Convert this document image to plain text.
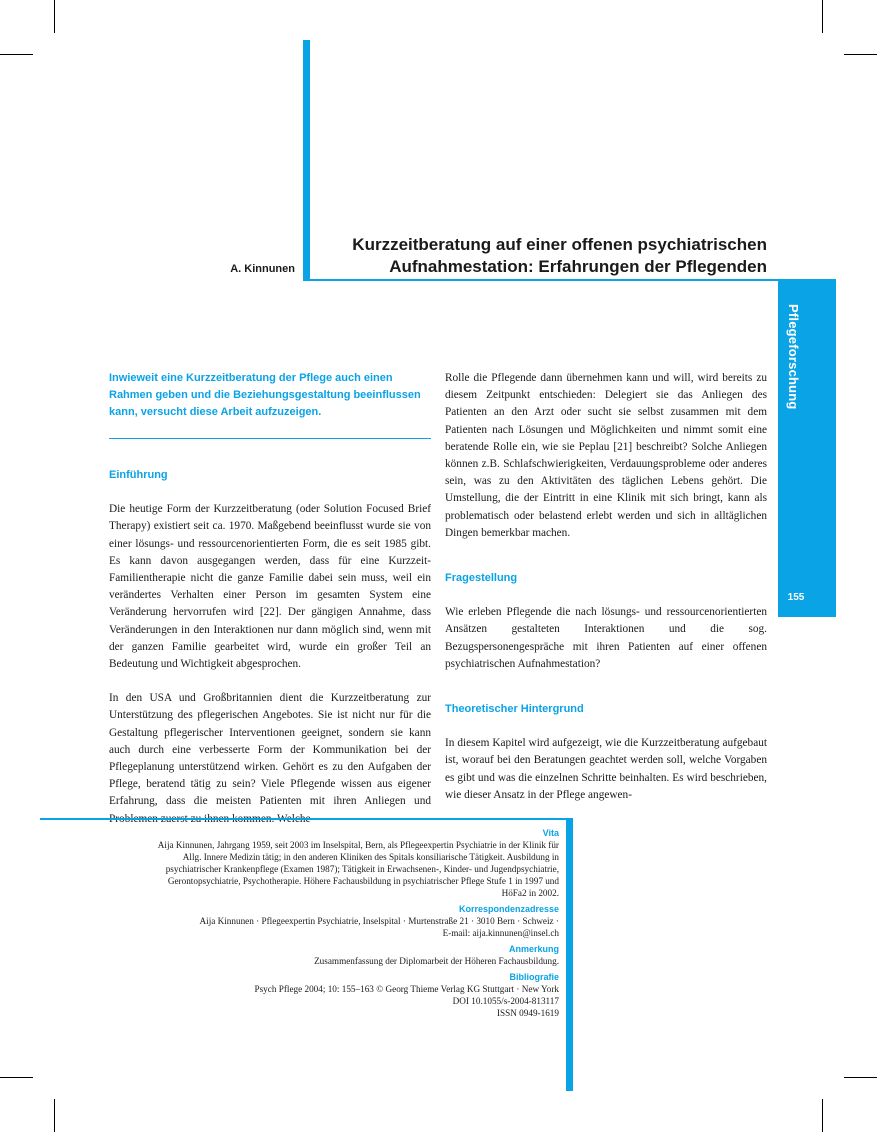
A. Kinnunen
Kurzzeitberatung auf einer offenen psychiatrischen
Aufnahmestation: Erfahrungen der Pflegenden
Pflegeforschung
155

Inwieweit eine Kurzzeitberatung der Pflege auch einen Rahmen geben und die Beziehungsgestaltung beeinflussen kann, versucht diese Arbeit aufzuzeigen.

Einführung

Die heutige Form der Kurzzeitberatung (oder Solution Focused Brief Therapy) existiert seit ca. 1970. Maßgebend beeinflusst wurde sie von einer lösungs- und ressourcenorientierten Form, die es seit 1985 gibt. Es kann davon ausgegangen werden, dass für eine Kurzzeit-Familientherapie nicht die ganze Familie dabei sein muss, weil ein verändertes Verhalten einer Person im gesamten System eine Veränderung hervorrufen wird [22]. Der gängigen Annahme, dass Veränderungen in den Interaktionen nur dann möglich sind, wenn mit der ganzen Familie gearbeitet wird, wurde ein großer Teil an Bedeutung und Wichtigkeit abgesprochen.

In den USA und Großbritannien dient die Kurzzeitberatung zur Unterstützung des pflegerischen Angebotes. Sie ist nicht nur für die Gestaltung pflegerischer Interventionen geeignet, sondern sie kann auch durch eine verbesserte Form der Kommunikation bei der Pflegeplanung unterstützend wirken. Gehört es zu den Aufgaben der Pflege, beratend tätig zu sein? Viele Pflegende wissen aus eigener Erfahrung, dass die meisten Patienten mit ihren Anliegen und

Rolle die Pflegende dann übernehmen kann und will, wird bereits zu diesem Zeitpunkt entschieden: Delegiert sie das Anliegen des Patienten an den Arzt oder sucht sie selbst zusammen mit dem Patienten nach Lösungen und Möglichkeiten und nimmt somit eine beratende Rolle ein, wie sie Peplau [21] beschreibt? Solche Anliegen können z.B. Schlafschwierigkeiten, Verdauungsprobleme oder anderes sein, was zu den Aktivitäten des täglichen Lebens gehört. Die Umstellung, die der Eintritt in eine Klinik mit sich bringt, kann als problematisch oder belastend erlebt werden und sich in alltäglichen Dingen bemerkbar machen.

Fragestellung

Wie erleben Pflegende die nach lösungs- und ressourcenorientierten Ansätzen gestalteten Interaktionen und die sog. Bezugspersonengespräche mit ihren Patienten auf einer offenen psychiatrischen Aufnahmestation?

Theoretischer Hintergrund

In diesem Kapitel wird aufgezeigt, wie die Kurzzeitberatung aufgebaut ist, worauf bei den Beratungen geachtet werden soll, welche Vorgaben es gibt und was die einzelnen Schritte beinhalten. Es wird beschrieben, wie dieser Ansatz in der Pflege angewen-

Vita
Aija Kinnunen, Jahrgang 1959, seit 2003 im Inselspital, Bern, als Pflegeexpertin Psychiatrie in der Klinik für
Allg. Innere Medizin tätig; in den anderen Kliniken des Spitals konsiliarische Tätigkeit. Ausbildung in
psychiatrischer Krankenpflege (Examen 1987); Tätigkeit in Erwachsenen-, Kinder- und Jugendpsychiatrie,
Gerontopsychiatrie, Psychotherapie. Höhere Fachausbildung in psychiatrischer Pflege Stufe 1 in 1997 und
HöFa2 in 2002.
Korrespondenzadresse
Aija Kinnunen · Pflegeexpertin Psychiatrie, Inselspital · Murtenstraße 21 · 3010 Bern · Schweiz ·
E-mail: aija.kinnunen@insel.ch
Anmerkung
Zusammenfassung der Diplomarbeit der Höheren Fachausbildung.
Bibliografie
Psych Pflege 2004; 10: 155–163 © Georg Thieme Verlag KG Stuttgart · New York
DOI 10.1055/s-2004-813117
ISSN 0949-1619
